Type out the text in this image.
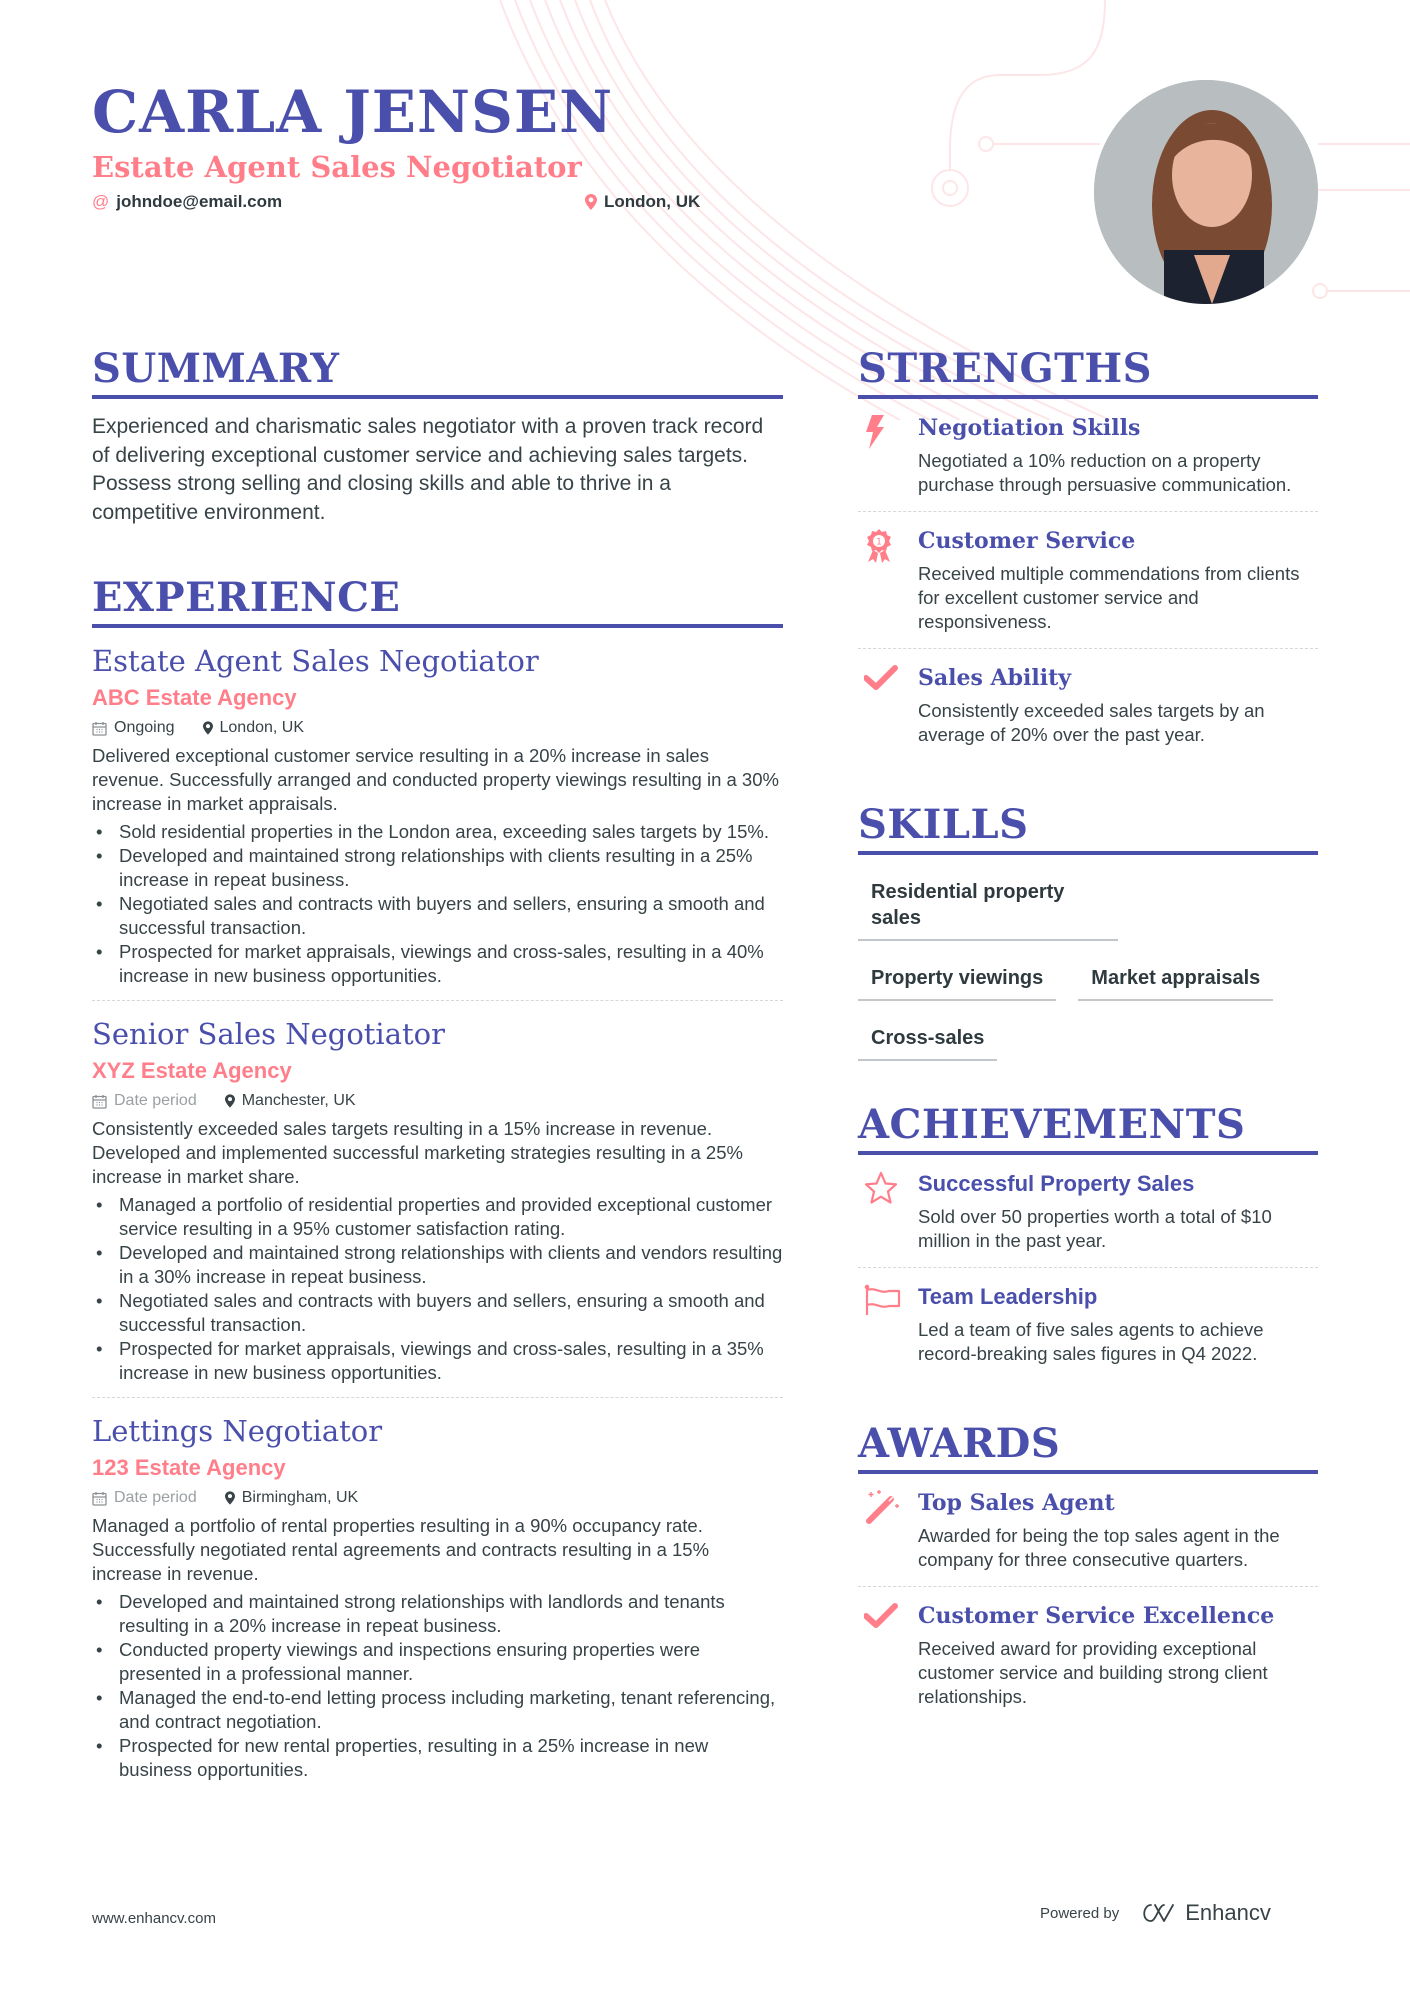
CARLA JENSEN
Estate Agent Sales Negotiator
@ johndoe@email.com	London, UK
SUMMARY

Experienced and charismatic sales negotiator with a proven track record of delivering exceptional customer service and achieving sales targets. Possess strong selling and closing skills and able to thrive in a competitive environment.

EXPERIENCE
Estate Agent Sales Negotiator
ABC Estate Agency
Ongoing	London, UK

Delivered exceptional customer service resulting in a 20% increase in sales revenue. Successfully arranged and conducted property viewings resulting in a 30% increase in market appraisals.

• Sold residential properties in the London area, exceeding sales targets by 15%.
• Developed and maintained strong relationships with clients resulting in a 25% increase in repeat business.
• Negotiated sales and contracts with buyers and sellers, ensuring a smooth and successful transaction.
• Prospected for market appraisals, viewings and cross-sales, resulting in a 40% increase in new business opportunities.
Senior Sales Negotiator
XYZ Estate Agency
Date period	Manchester, UK

Consistently exceeded sales targets resulting in a 15% increase in revenue. Developed and implemented successful marketing strategies resulting in a 25% increase in market share.

• Managed a portfolio of residential properties and provided exceptional customer service resulting in a 95% customer satisfaction rating.
• Developed and maintained strong relationships with clients and vendors resulting in a 30% increase in repeat business.
• Negotiated sales and contracts with buyers and sellers, ensuring a smooth and successful transaction.
• Prospected for market appraisals, viewings and cross-sales, resulting in a 35% increase in new business opportunities.
Lettings Negotiator
123 Estate Agency
Date period	Birmingham, UK

Managed a portfolio of rental properties resulting in a 90% occupancy rate. Successfully negotiated rental agreements and contracts resulting in a 15% increase in revenue.

• Developed and maintained strong relationships with landlords and tenants resulting in a 20% increase in repeat business.
• Conducted property viewings and inspections ensuring properties were presented in a professional manner.
• Managed the end-to-end letting process including marketing, tenant referencing, and contract negotiation.
• Prospected for new rental properties, resulting in a 25% increase in new business opportunities.
STRENGTHS
Negotiation Skills
Negotiated a 10% reduction on a property purchase through persuasive communication.
1 Customer Service
Received multiple commendations from clients for excellent customer service and responsiveness.
Sales Ability
Consistently exceeded sales targets by an average of 20% over the past year.
SKILLS
Residential property sales
Property viewings	Market appraisals
Cross-sales
ACHIEVEMENTS
Successful Property Sales
Sold over 50 properties worth a total of $10 million in the past year.
Team Leadership
Led a team of five sales agents to achieve record-breaking sales figures in Q4 2022.
AWARDS
Top Sales Agent
Awarded for being the top sales agent in the company for three consecutive quarters.
Customer Service Excellence
Received award for providing exceptional customer service and building strong client relationships.
www.enhancv.com	Powered by	Enhancv
